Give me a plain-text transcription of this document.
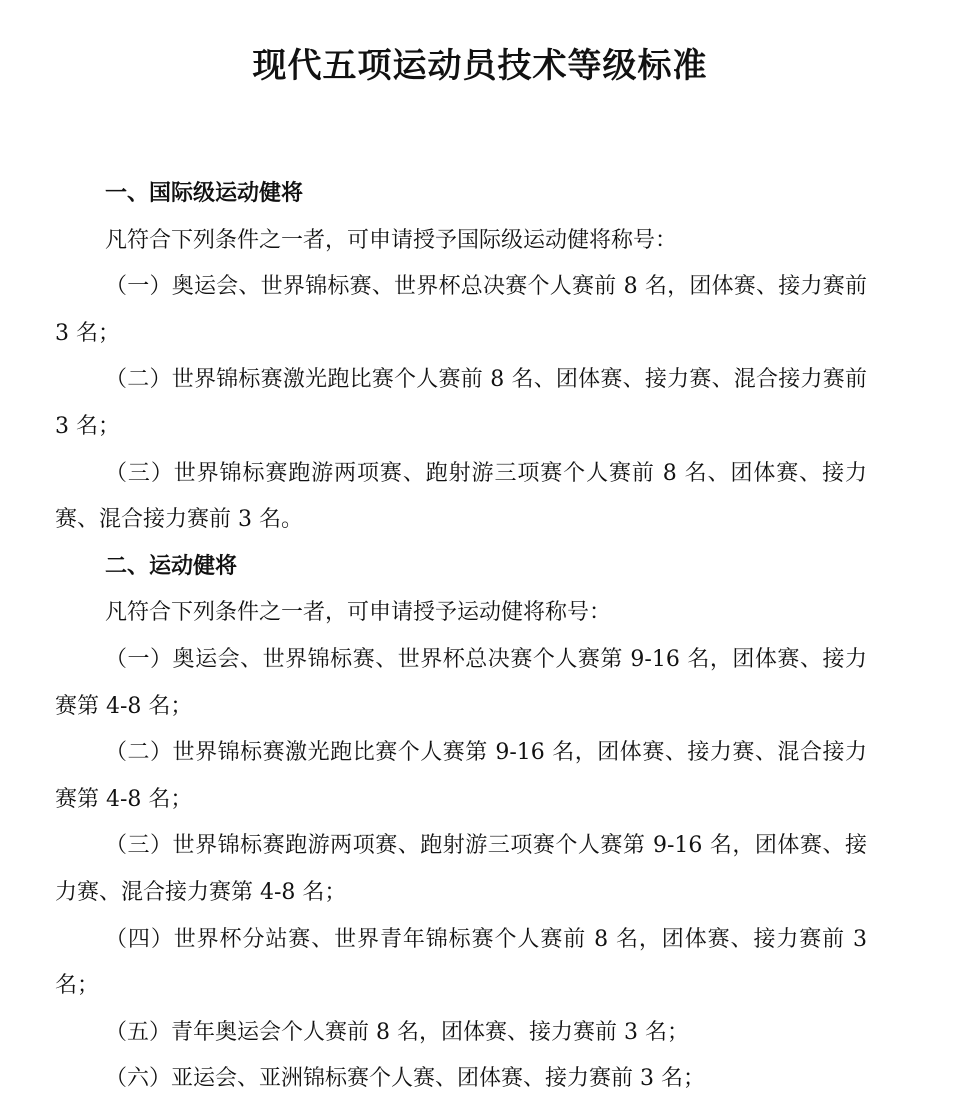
现代五项运动员技术等级标准

一、国际级运动健将

凡符合下列条件之一者，可申请授予国际级运动健将称号：

（一）奥运会、世界锦标赛、世界杯总决赛个人赛前 8 名，团体赛、接力赛前 3 名；

（二）世界锦标赛激光跑比赛个人赛前 8 名、团体赛、接力赛、混合接力赛前 3 名；

（三）世界锦标赛跑游两项赛、跑射游三项赛个人赛前 8 名、团体赛、接力赛、混合接力赛前 3 名。

二、运动健将

凡符合下列条件之一者，可申请授予运动健将称号：

（一）奥运会、世界锦标赛、世界杯总决赛个人赛第 9-16 名，团体赛、接力赛第 4-8 名；

（二）世界锦标赛激光跑比赛个人赛第 9-16 名，团体赛、接力赛、混合接力赛第 4-8 名；

（三）世界锦标赛跑游两项赛、跑射游三项赛个人赛第 9-16 名，团体赛、接力赛、混合接力赛第 4-8 名；

（四）世界杯分站赛、世界青年锦标赛个人赛前 8 名，团体赛、接力赛前 3 名；

（五）青年奥运会个人赛前 8 名，团体赛、接力赛前 3 名；

（六）亚运会、亚洲锦标赛个人赛、团体赛、接力赛前 3 名；
